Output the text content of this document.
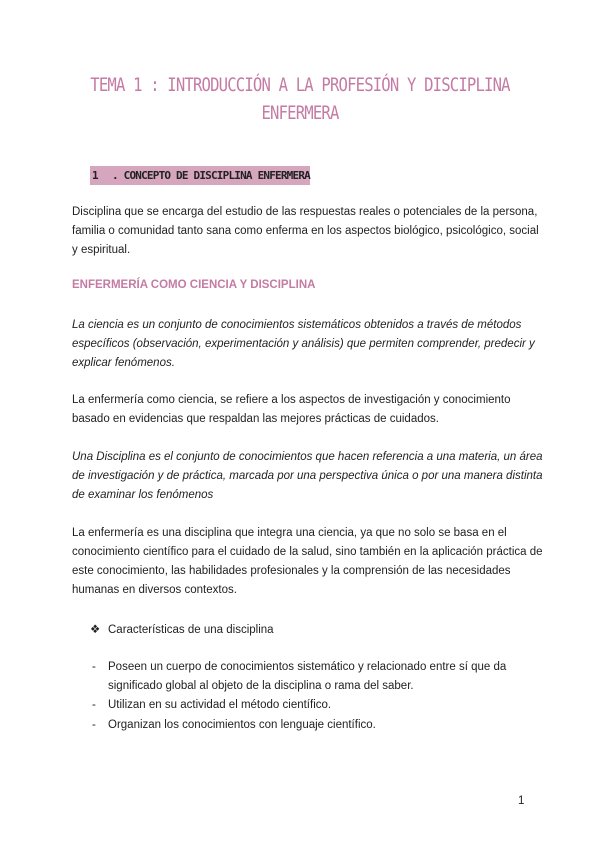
TEMA 1 : INTRODUCCIÓN A LA PROFESIÓN Y DISCIPLINA
ENFERMERA
1 . CONCEPTO DE DISCIPLINA ENFERMERA
Disciplina que se encarga del estudio de las respuestas reales o potenciales de la persona,
familia o comunidad tanto sana como enferma en los aspectos biológico, psicológico, social
y espiritual.
ENFERMERÍA COMO CIENCIA Y DISCIPLINA
La ciencia es un conjunto de conocimientos sistemáticos obtenidos a través de métodos
específicos (observación, experimentación y análisis) que permiten comprender, predecir y
explicar fenómenos.
La enfermería como ciencia, se refiere a los aspectos de investigación y conocimiento
basado en evidencias que respaldan las mejores prácticas de cuidados.
Una Disciplina es el conjunto de conocimientos que hacen referencia a una materia, un área
de investigación y de práctica, marcada por una perspectiva única o por una manera distinta
de examinar los fenómenos
La enfermería es una disciplina que integra una ciencia, ya que no solo se basa en el
conocimiento científico para el cuidado de la salud, sino también en la aplicación práctica de
este conocimiento, las habilidades profesionales y la comprensión de las necesidades
humanas en diversos contextos.
❖ Características de una disciplina
- Poseen un cuerpo de conocimientos sistemático y relacionado entre sí que da
significado global al objeto de la disciplina o rama del saber.
- Utilizan en su actividad el método científico.
- Organizan los conocimientos con lenguaje científico.
1
